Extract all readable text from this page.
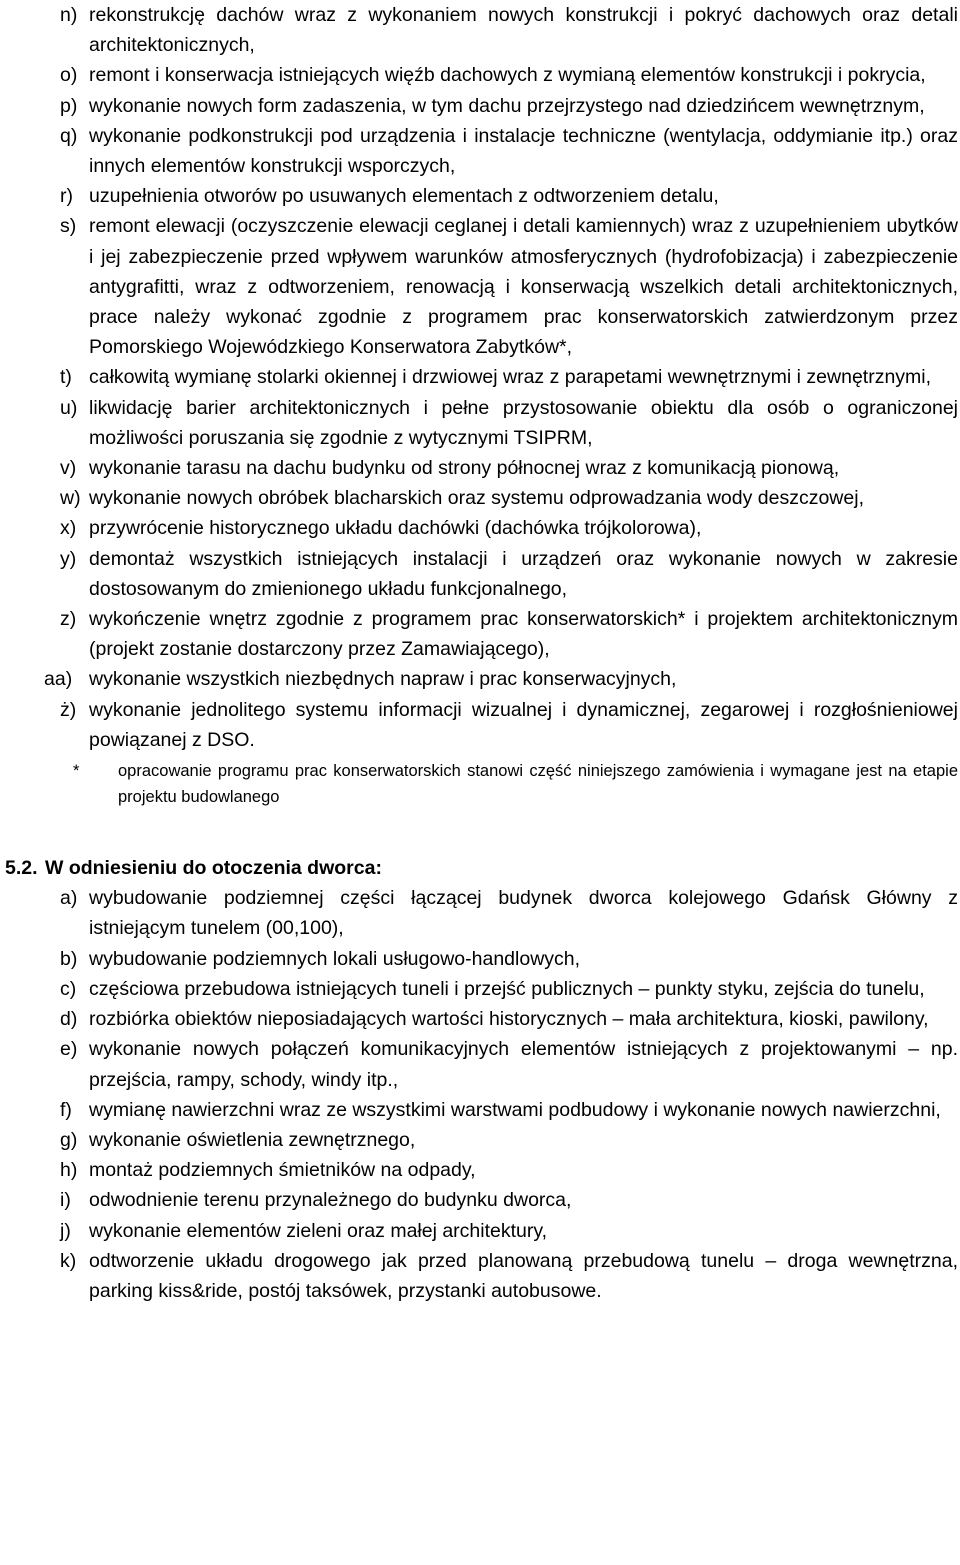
n) rekonstrukcję dachów wraz z wykonaniem nowych konstrukcji i pokryć dachowych oraz detali architektonicznych,
o) remont i konserwacja istniejących więźb dachowych z wymianą elementów konstrukcji i pokrycia,
p) wykonanie nowych form zadaszenia, w tym dachu przejrzystego nad dziedzińcem wewnętrznym,
q) wykonanie podkonstrukcji pod urządzenia i instalacje techniczne (wentylacja, oddymianie itp.) oraz innych elementów konstrukcji wsporczych,
r) uzupełnienia otworów po usuwanych elementach z odtworzeniem detalu,
s) remont elewacji (oczyszczenie elewacji ceglanej i detali kamiennych) wraz z uzupełnieniem ubytków i jej zabezpieczenie przed wpływem warunków atmosferycznych (hydrofobizacja) i zabezpieczenie antygrafitti, wraz z odtworzeniem, renowacją i konserwacją wszelkich detali architektonicznych, prace należy wykonać zgodnie z programem prac konserwatorskich zatwierdzonym przez Pomorskiego Wojewódzkiego Konserwatora Zabytków*,
t) całkowitą wymianę stolarki okiennej i drzwiowej wraz z parapetami wewnętrznymi i zewnętrznymi,
u) likwidację barier architektonicznych i pełne przystosowanie obiektu dla osób o ograniczonej możliwości poruszania się zgodnie z wytycznymi TSIPRM,
v) wykonanie tarasu na dachu budynku od strony północnej wraz z komunikacją pionową,
w) wykonanie nowych obróbek blacharskich oraz systemu odprowadzania wody deszczowej,
x) przywrócenie historycznego układu dachówki (dachówka trójkolorowa),
y) demontaż wszystkich istniejących instalacji i urządzeń oraz wykonanie nowych w zakresie dostosowanym do zmienionego układu funkcjonalnego,
z) wykończenie wnętrz zgodnie z programem prac konserwatorskich* i projektem architektonicznym (projekt zostanie dostarczony przez Zamawiającego),
aa) wykonanie wszystkich niezbędnych napraw i prac konserwacyjnych,
ż) wykonanie jednolitego systemu informacji wizualnej i dynamicznej, zegarowej i rozgłośnieniowej powiązanej z DSO.
* opracowanie programu prac konserwatorskich stanowi część niniejszego zamówienia i wymagane jest na etapie projektu budowlanego
5.2. W odniesieniu do otoczenia dworca:
a) wybudowanie podziemnej części łączącej budynek dworca kolejowego Gdańsk Główny z istniejącym tunelem (00,100),
b) wybudowanie podziemnych lokali usługowo-handlowych,
c) częściowa przebudowa istniejących tuneli i przejść publicznych – punkty styku, zejścia do tunelu,
d) rozbiórka obiektów nieposiadających wartości historycznych – mała architektura, kioski, pawilony,
e) wykonanie nowych połączeń komunikacyjnych elementów istniejących z projektowanymi – np. przejścia, rampy, schody, windy itp.,
f) wymianę nawierzchni wraz ze wszystkimi warstwami podbudowy i wykonanie nowych nawierzchni,
g) wykonanie oświetlenia zewnętrznego,
h) montaż podziemnych śmietników na odpady,
i) odwodnienie terenu przynależnego do budynku dworca,
j) wykonanie elementów zieleni oraz małej architektury,
k) odtworzenie układu drogowego jak przed planowaną przebudową tunelu – droga wewnętrzna, parking kiss&ride, postój taksówek, przystanki autobusowe.
